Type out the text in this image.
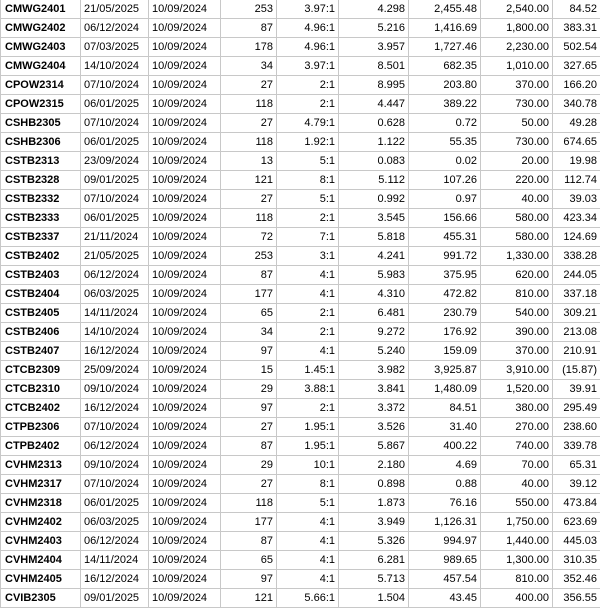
CMWG2401	21/05/2025	10/09/2024	253	3.97:1	4.298	2,455.48	2,540.00	84.52
CMWG2402	06/12/2024	10/09/2024	87	4.96:1	5.216	1,416.69	1,800.00	383.31
CMWG2403	07/03/2025	10/09/2024	178	4.96:1	3.957	1,727.46	2,230.00	502.54
CMWG2404	14/10/2024	10/09/2024	34	3.97:1	8.501	682.35	1,010.00	327.65
CPOW2314	07/10/2024	10/09/2024	27	2:1	8.995	203.80	370.00	166.20
CPOW2315	06/01/2025	10/09/2024	118	2:1	4.447	389.22	730.00	340.78
CSHB2305	07/10/2024	10/09/2024	27	4.79:1	0.628	0.72	50.00	49.28
CSHB2306	06/01/2025	10/09/2024	118	1.92:1	1.122	55.35	730.00	674.65
CSTB2313	23/09/2024	10/09/2024	13	5:1	0.083	0.02	20.00	19.98
CSTB2328	09/01/2025	10/09/2024	121	8:1	5.112	107.26	220.00	112.74
CSTB2332	07/10/2024	10/09/2024	27	5:1	0.992	0.97	40.00	39.03
CSTB2333	06/01/2025	10/09/2024	118	2:1	3.545	156.66	580.00	423.34
CSTB2337	21/11/2024	10/09/2024	72	7:1	5.818	455.31	580.00	124.69
CSTB2402	21/05/2025	10/09/2024	253	3:1	4.241	991.72	1,330.00	338.28
CSTB2403	06/12/2024	10/09/2024	87	4:1	5.983	375.95	620.00	244.05
CSTB2404	06/03/2025	10/09/2024	177	4:1	4.310	472.82	810.00	337.18
CSTB2405	14/11/2024	10/09/2024	65	2:1	6.481	230.79	540.00	309.21
CSTB2406	14/10/2024	10/09/2024	34	2:1	9.272	176.92	390.00	213.08
CSTB2407	16/12/2024	10/09/2024	97	4:1	5.240	159.09	370.00	210.91
CTCB2309	25/09/2024	10/09/2024	15	1.45:1	3.982	3,925.87	3,910.00	(15.87)
CTCB2310	09/10/2024	10/09/2024	29	3.88:1	3.841	1,480.09	1,520.00	39.91
CTCB2402	16/12/2024	10/09/2024	97	2:1	3.372	84.51	380.00	295.49
CTPB2306	07/10/2024	10/09/2024	27	1.95:1	3.526	31.40	270.00	238.60
CTPB2402	06/12/2024	10/09/2024	87	1.95:1	5.867	400.22	740.00	339.78
CVHM2313	09/10/2024	10/09/2024	29	10:1	2.180	4.69	70.00	65.31
CVHM2317	07/10/2024	10/09/2024	27	8:1	0.898	0.88	40.00	39.12
CVHM2318	06/01/2025	10/09/2024	118	5:1	1.873	76.16	550.00	473.84
CVHM2402	06/03/2025	10/09/2024	177	4:1	3.949	1,126.31	1,750.00	623.69
CVHM2403	06/12/2024	10/09/2024	87	4:1	5.326	994.97	1,440.00	445.03
CVHM2404	14/11/2024	10/09/2024	65	4:1	6.281	989.65	1,300.00	310.35
CVHM2405	16/12/2024	10/09/2024	97	4:1	5.713	457.54	810.00	352.46
CVIB2305	09/01/2025	10/09/2024	121	5.66:1	1.504	43.45	400.00	356.55
